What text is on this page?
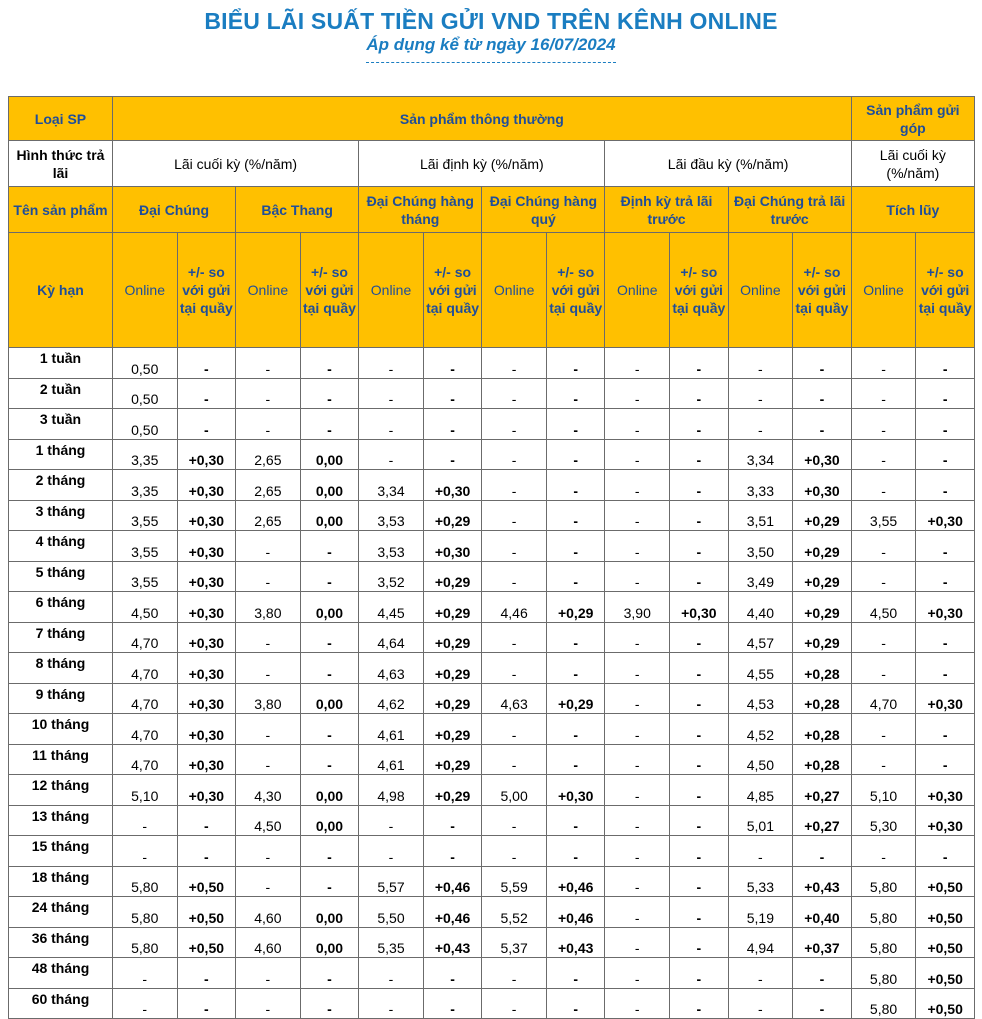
BIỂU LÃI SUẤT TIỀN GỬI VND TRÊN KÊNH ONLINE
Áp dụng kể từ ngày 16/07/2024
Loại SP	Sản phẩm thông thường												Sản phẩm gửi góp	
Hình thức trả lãi	Lãi cuối kỳ (%/năm)				Lãi định kỳ (%/năm)				Lãi đầu kỳ (%/năm)				Lãi cuối kỳ (%/năm)	
Tên sản phẩm	Đại Chúng		Bậc Thang		Đại Chúng hàng tháng		Đại Chúng hàng quý		Định kỳ trả lãi trước		Đại Chúng trả lãi trước		Tích lũy	
Kỳ hạn	Online	+/- so với gửi tại quầy	Online	+/- so với gửi tại quầy	Online	+/- so với gửi tại quầy	Online	+/- so với gửi tại quầy	Online	+/- so với gửi tại quầy	Online	+/- so với gửi tại quầy	Online	+/- so với gửi tại quầy
1 tuần	0,50	-	-	-	-	-	-	-	-	-	-	-	-	-
2 tuần	0,50	-	-	-	-	-	-	-	-	-	-	-	-	-
3 tuần	0,50	-	-	-	-	-	-	-	-	-	-	-	-	-
1 tháng	3,35	+0,30	2,65	0,00	-	-	-	-	-	-	3,34	+0,30	-	-
2 tháng	3,35	+0,30	2,65	0,00	3,34	+0,30	-	-	-	-	3,33	+0,30	-	-
3 tháng	3,55	+0,30	2,65	0,00	3,53	+0,29	-	-	-	-	3,51	+0,29	3,55	+0,30
4 tháng	3,55	+0,30	-	-	3,53	+0,30	-	-	-	-	3,50	+0,29	-	-
5 tháng	3,55	+0,30	-	-	3,52	+0,29	-	-	-	-	3,49	+0,29	-	-
6 tháng	4,50	+0,30	3,80	0,00	4,45	+0,29	4,46	+0,29	3,90	+0,30	4,40	+0,29	4,50	+0,30
7 tháng	4,70	+0,30	-	-	4,64	+0,29	-	-	-	-	4,57	+0,29	-	-
8 tháng	4,70	+0,30	-	-	4,63	+0,29	-	-	-	-	4,55	+0,28	-	-
9 tháng	4,70	+0,30	3,80	0,00	4,62	+0,29	4,63	+0,29	-	-	4,53	+0,28	4,70	+0,30
10 tháng	4,70	+0,30	-	-	4,61	+0,29	-	-	-	-	4,52	+0,28	-	-
11 tháng	4,70	+0,30	-	-	4,61	+0,29	-	-	-	-	4,50	+0,28	-	-
12 tháng	5,10	+0,30	4,30	0,00	4,98	+0,29	5,00	+0,30	-	-	4,85	+0,27	5,10	+0,30
13 tháng	-	-	4,50	0,00	-	-	-	-	-	-	5,01	+0,27	5,30	+0,30
15 tháng	-	-	-	-	-	-	-	-	-	-	-	-	-	-
18 tháng	5,80	+0,50	-	-	5,57	+0,46	5,59	+0,46	-	-	5,33	+0,43	5,80	+0,50
24 tháng	5,80	+0,50	4,60	0,00	5,50	+0,46	5,52	+0,46	-	-	5,19	+0,40	5,80	+0,50
36 tháng	5,80	+0,50	4,60	0,00	5,35	+0,43	5,37	+0,43	-	-	4,94	+0,37	5,80	+0,50
48 tháng	-	-	-	-	-	-	-	-	-	-	-	-	5,80	+0,50
60 tháng	-	-	-	-	-	-	-	-	-	-	-	-	5,80	+0,50
